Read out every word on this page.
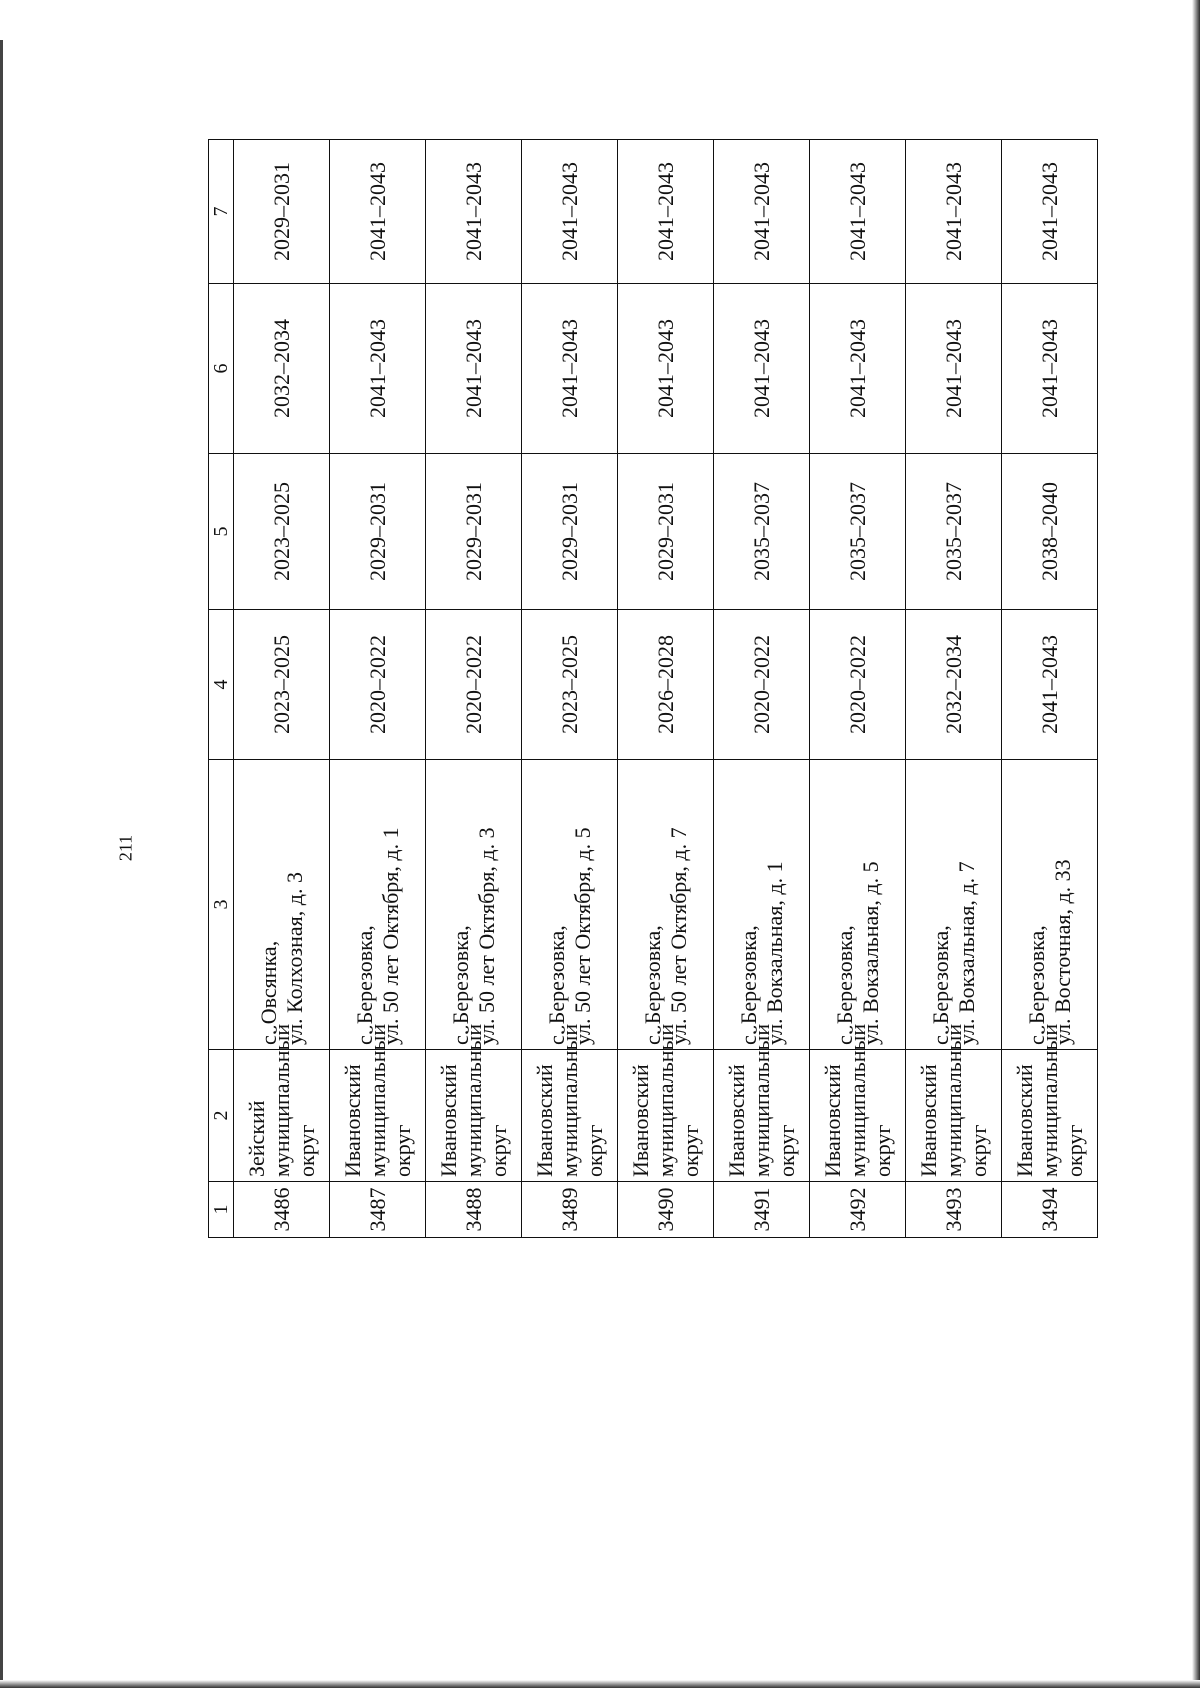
211
1	2	3	4	5	6	7
3486	Зейский муниципальный округ	с. Овсянка, ул. Колхозная, д. 3	2023–2025	2023–2025	2032–2034	2029–2031
3487	Ивановский муниципальный округ	с. Березовка, ул. 50 лет Октября, д. 1	2020–2022	2029–2031	2041–2043	2041–2043
3488	Ивановский муниципальный округ	с. Березовка, ул. 50 лет Октября, д. 3	2020–2022	2029–2031	2041–2043	2041–2043
3489	Ивановский муниципальный округ	с. Березовка, ул. 50 лет Октября, д. 5	2023–2025	2029–2031	2041–2043	2041–2043
3490	Ивановский муниципальный округ	с. Березовка, ул. 50 лет Октября, д. 7	2026–2028	2029–2031	2041–2043	2041–2043
3491	Ивановский муниципальный округ	с. Березовка, ул. Вокзальная, д. 1	2020–2022	2035–2037	2041–2043	2041–2043
3492	Ивановский муниципальный округ	с. Березовка, ул. Вокзальная, д. 5	2020–2022	2035–2037	2041–2043	2041–2043
3493	Ивановский муниципальный округ	с. Березовка, ул. Вокзальная, д. 7	2032–2034	2035–2037	2041–2043	2041–2043
3494	Ивановский муниципальный округ	с. Березовка, ул. Восточная, д. 33	2041–2043	2038–2040	2041–2043	2041–2043
